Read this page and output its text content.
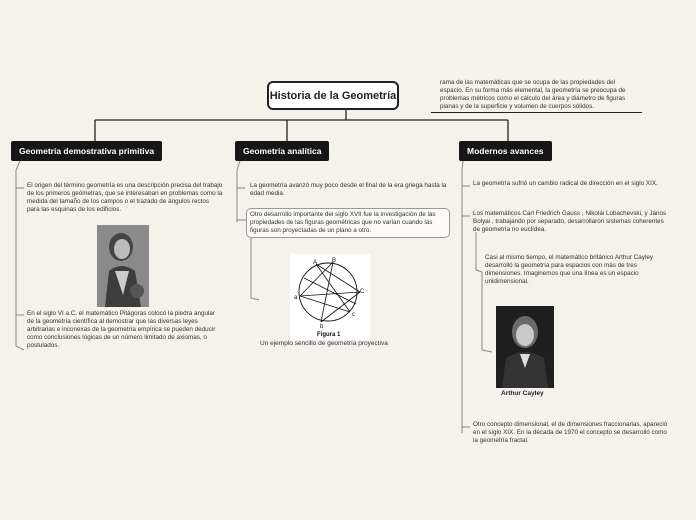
Historia de la Geometría
rama de las matemáticas que se ocupa de las propiedades del espacio. En su forma más elemental, la geometría se preocupa de problemas métricos como el cálculo del área y diámetro de figuras planas y de la superficie y volumen de cuerpos sólidos.
Geometría demostrativa primitiva
El origen del término geometría es una descripción precisa del trabajo de los primeros geómetras, que se interesaban en problemas como la medida del tamaño de los campos o el trazado de ángulos rectos para las esquinas de los edificios.
En el siglo VI a.C. el matemático Pitágoras colocó la piedra angular de la geometría científica al demostrar que las diversas leyes arbitrarias e inconexas de la geometría empírica se pueden deducir como conclusiones lógicas de un número limitado de axiomas, o postulados.
Geometría analítica
La geometría avanzó muy poco desde el final de la era griega hasta la edad media.
Otro desarrollo importante del siglo XVII fue la investigación de las propiedades de las figuras geométricas que no varían cuando las figuras son proyectadas de un plano a otro.
A B
C
a
b
c
Figura 1
Un ejemplo sencillo de geometría proyectiva
Modernos avances
La geometría sufrió un cambio radical de dirección en el siglo XIX.
Los matemáticos Carl Friedrich Gauss , Nikolái Lobachevski, y János Bolyai , trabajando por separado, desarrollaron sistemas coherentes de geometría no euclídea.
Casi al mismo tiempo, el matemático británico Arthur Cayley desarrolló la geometría para espacios con más de tres dimensiones. Imaginemos que una línea es un espacio unidimensional.
Arthur Cayley
Otro concepto dimensional, el de dimensiones fraccionarias, apareció en el siglo XIX. En la década de 1970 el concepto se desarrolló como la geometría fractal.
